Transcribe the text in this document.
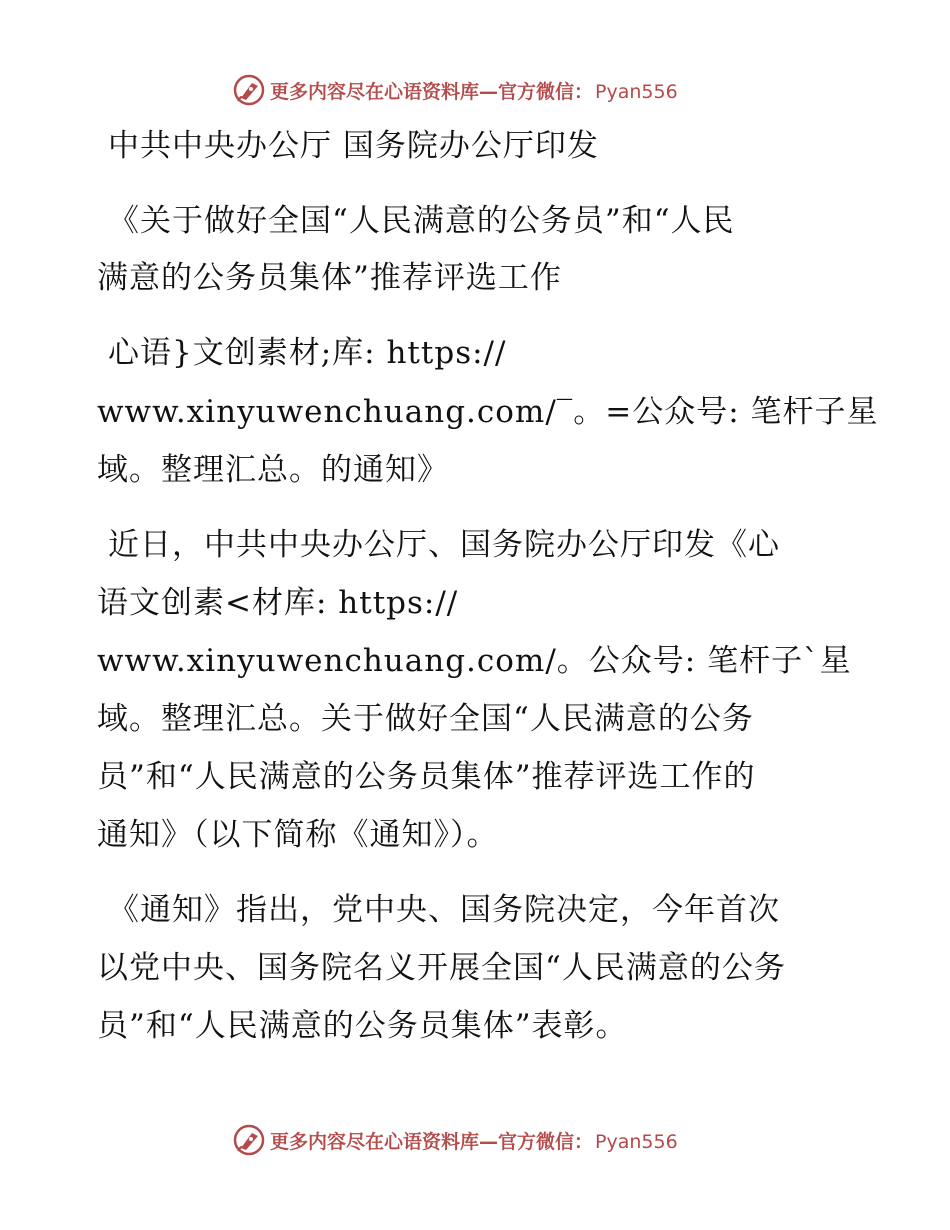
更多内容尽在心语资料库—官方微信： Pyan556

中共中央办公厅 国务院办公厅印发

《关于做好全国“人民满意的公务员”和“人民

满意的公务员集体”推荐评选工作

心语}文创素材;库: https://

www.xinyuwenchuang.com/‾。=公众号: 笔杆子星

域。整理汇总。的通知》

近日，中共中央办公厅、国务院办公厅印发《心

语文创素<材库: https://

www.xinyuwenchuang.com/。公众号: 笔杆子`星

域。整理汇总。关于做好全国“人民满意的公务

员”和“人民满意的公务员集体”推荐评选工作的

通知》（以下简称《通知》）。

《通知》指出，党中央、国务院决定，今年首次

以党中央、国务院名义开展全国“人民满意的公务

员”和“人民满意的公务员集体”表彰。

更多内容尽在心语资料库—官方微信： Pyan556
